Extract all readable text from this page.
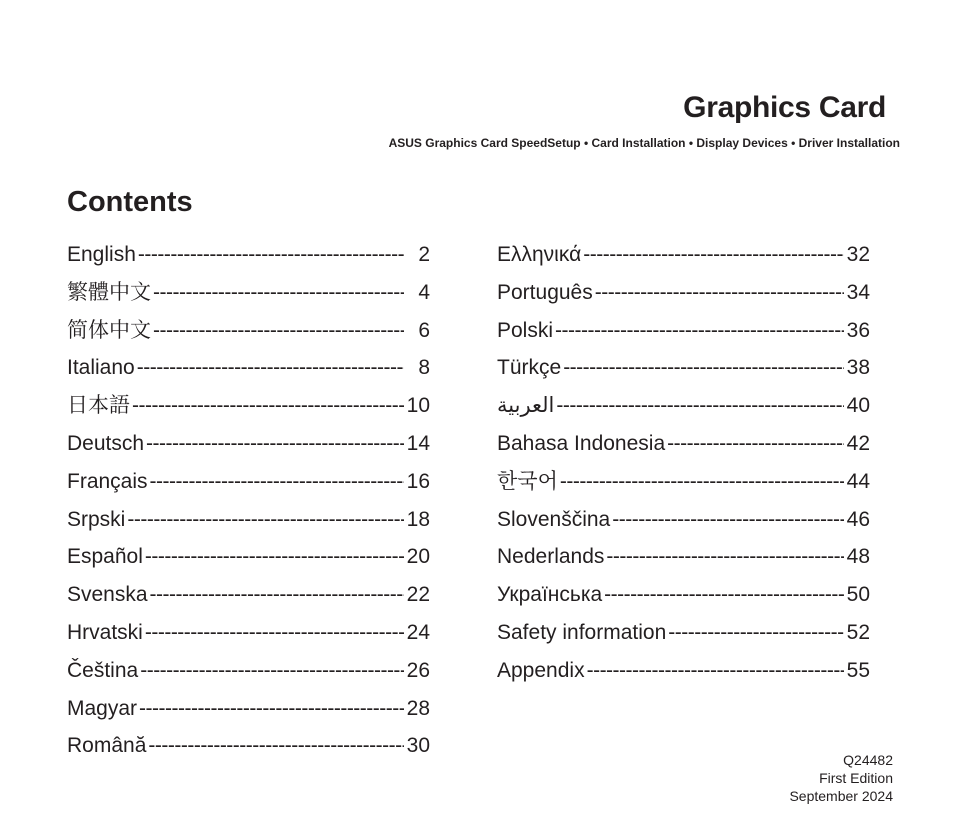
Graphics Card
ASUS Graphics Card SpeedSetup • Card Installation • Display Devices • Driver Installation
Contents
English -----	2
繁體中文 -----	4
简体中文 -----	6
Italiano -----	8
日本語 -----	10
Deutsch -----	14
Français -----	16
Srpski -----	18
Español -----	20
Svenska -----	22
Hrvatski -----	24
Čeština -----	26
Magyar -----	28
Română -----	30
Ελληνικά -----	32
Português -----	34
Polski -----	36
Türkçe -----	38
العربية -----	40
Bahasa Indonesia -----	42
한국어 -----	44
Slovenščina -----	46
Nederlands -----	48
Українська -----	50
Safety information -----	52
Appendix -----	55
Q24482
First Edition
September 2024
